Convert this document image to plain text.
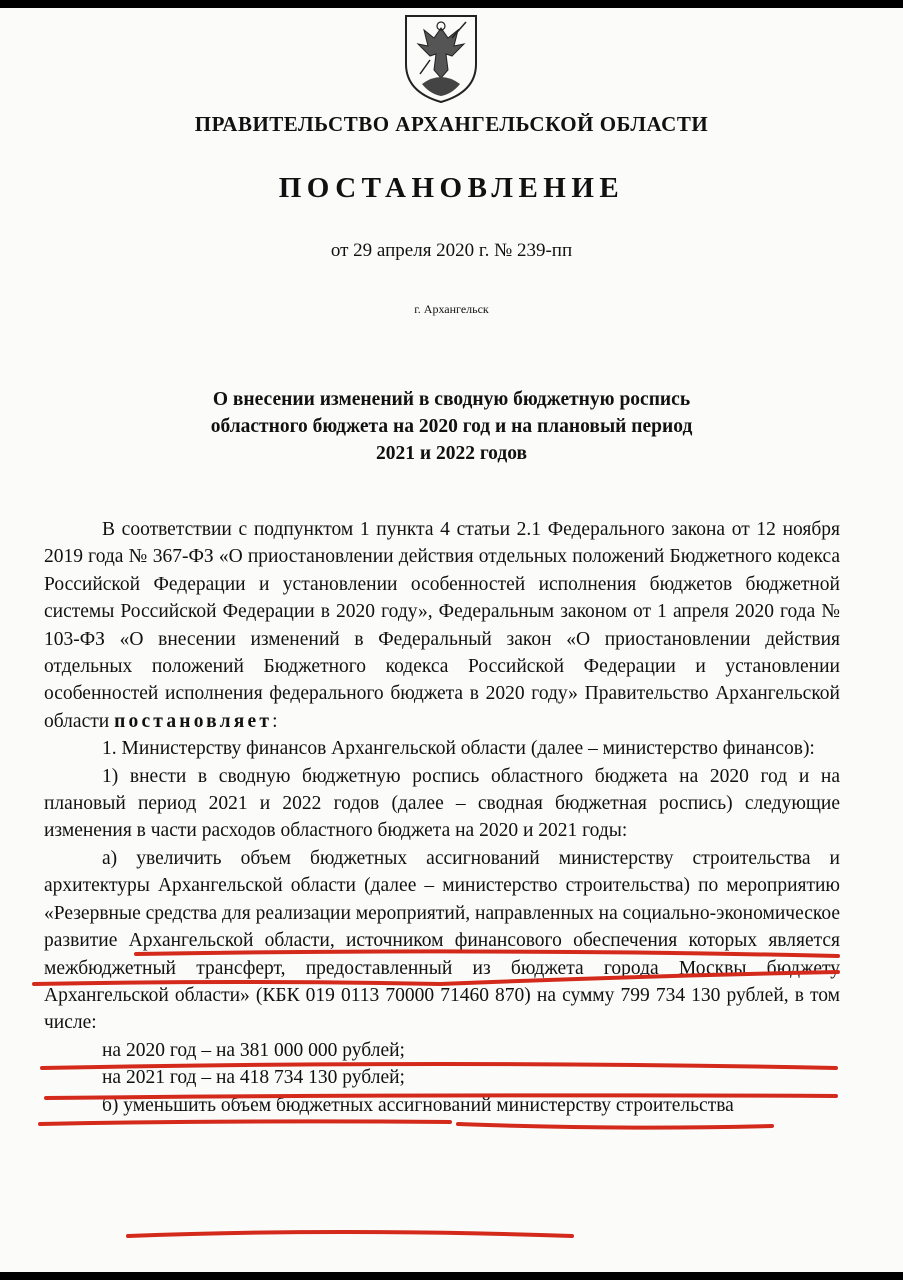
ПРАВИТЕЛЬСТВО АРХАНГЕЛЬСКОЙ ОБЛАСТИ
ПОСТАНОВЛЕНИЕ
от 29 апреля 2020 г. № 239-пп
г. Архангельск
О внесении изменений в сводную бюджетную роспись
областного бюджета на 2020 год и на плановый период
2021 и 2022 годов

В соответствии с подпунктом 1 пункта 4 статьи 2.1 Федерального закона от 12 ноября 2019 года № 367-ФЗ «О приостановлении действия отдельных положений Бюджетного кодекса Российской Федерации и установлении особенностей исполнения бюджетов бюджетной системы Российской Федерации в 2020 году», Федеральным законом от 1 апреля 2020 года № 103-ФЗ «О внесении изменений в Федеральный закон «О приостановлении действия отдельных положений Бюджетного кодекса Российской Федерации и установлении особенностей исполнения федерального бюджета в 2020 году» Правительство Архангельской области постановляет:

1. Министерству финансов Архангельской области (далее – министерство финансов):

1) внести в сводную бюджетную роспись областного бюджета на 2020 год и на плановый период 2021 и 2022 годов (далее – сводная бюджетная роспись) следующие изменения в части расходов областного бюджета на 2020 и 2021 годы:

а) увеличить объем бюджетных ассигнований министерству строительства и архитектуры Архангельской области (далее – министерство строительства) по мероприятию «Резервные средства для реализации мероприятий, направленных на социально-экономическое развитие Архангельской области, источником финансового обеспечения которых является межбюджетный трансферт, предоставленный из бюджета города Москвы бюджету Архангельской области» (КБК 019 0113 70000 71460 870) на сумму 799 734 130 рублей, в том числе:

на 2020 год – на 381 000 000 рублей;

на 2021 год – на 418 734 130 рублей;

б) уменьшить объем бюджетных ассигнований министерству строительства
